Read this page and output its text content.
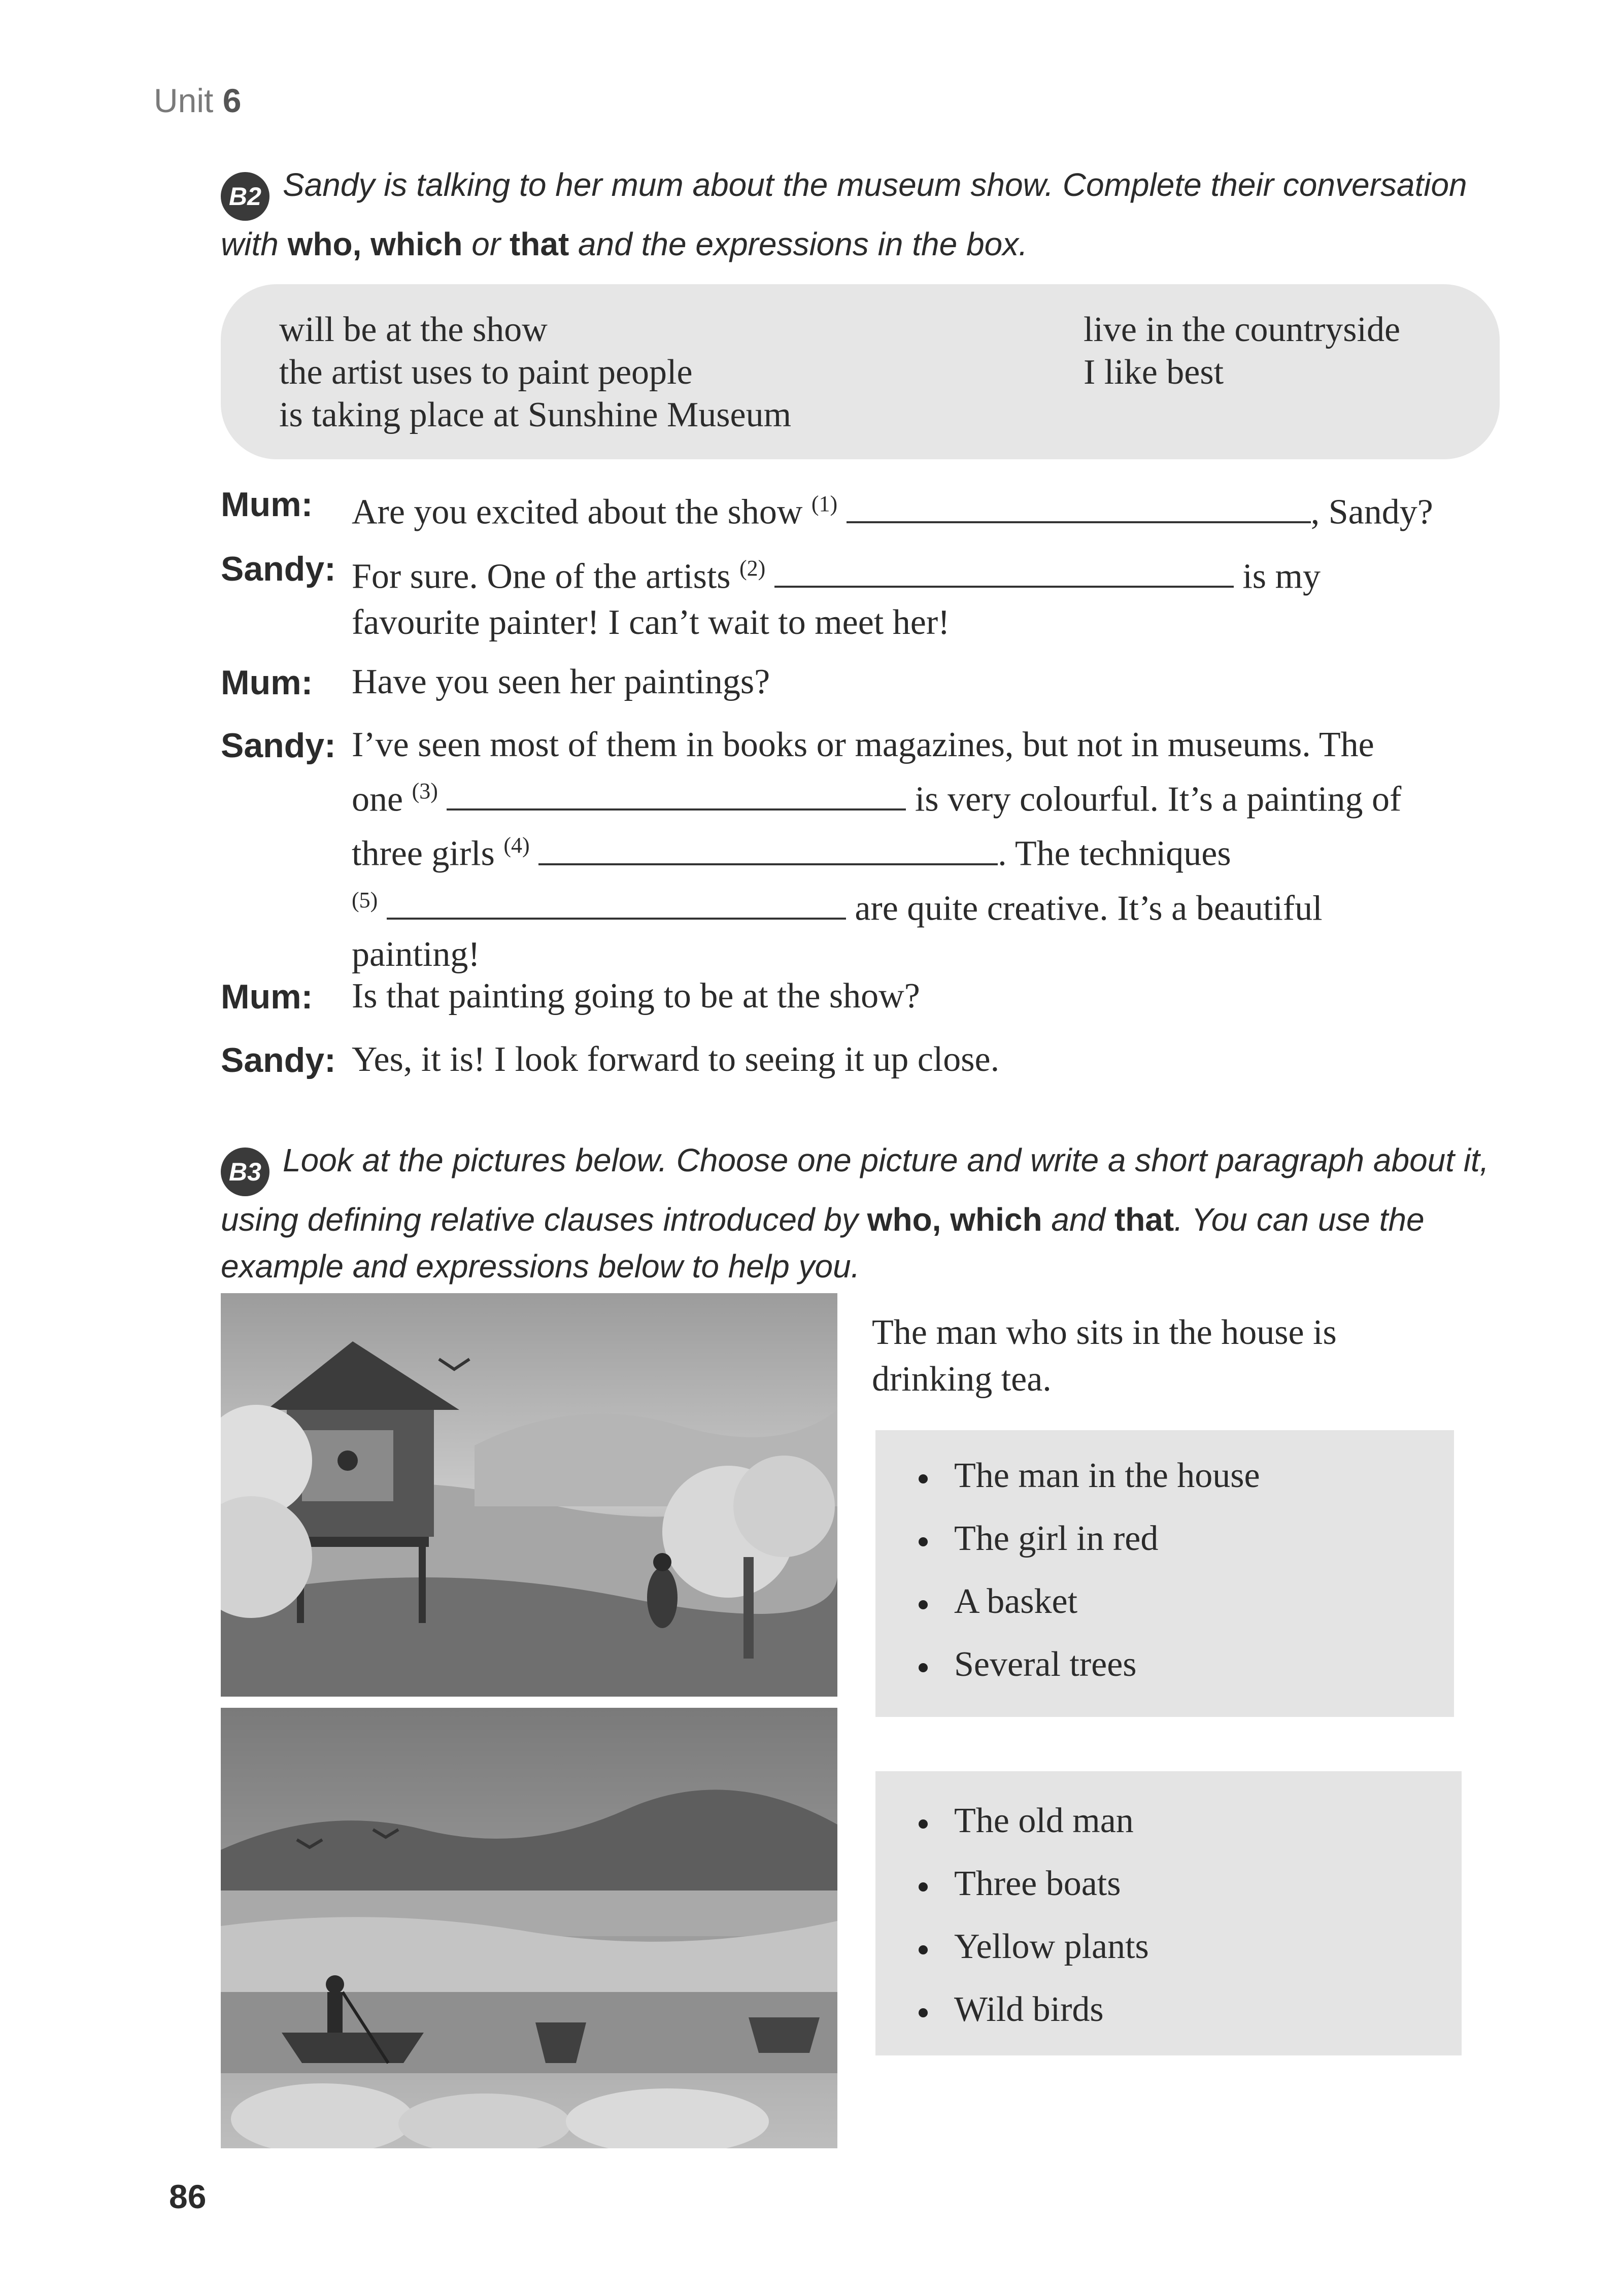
Unit 6
B2 Sandy is talking to her mum about the museum show. Complete their conversation with who, which or that and the expressions in the box.
will be at the show
the artist uses to paint people
is taking place at Sunshine Museum
live in the countryside
I like best
Mum: Are you excited about the show $^{(1)}$	, Sandy?
Sandy: For sure. One of the artists $^{(2)}$	is my
favourite painter! I can’t wait to meet her!
Mum: Have you seen her paintings?
Sandy: I’ve seen most of them in books or magazines, but not in museums. The
one $^{(3)}$	is very colourful. It’s a painting of
three girls $^{(4)}$	. The techniques
$^{(5)}$	are quite creative. It’s a beautiful
painting!
Mum: Is that painting going to be at the show?
Sandy: Yes, it is! I look forward to seeing it up close.
B3 Look at the pictures below. Choose one picture and write a short paragraph about it, using defining relative clauses introduced by who, which and that. You can use the example and expressions below to help you.
The man who sits in the house is drinking tea.
The man in the house
The girl in red
A basket
Several trees
The old man
Three boats
Yellow plants
Wild birds
86
